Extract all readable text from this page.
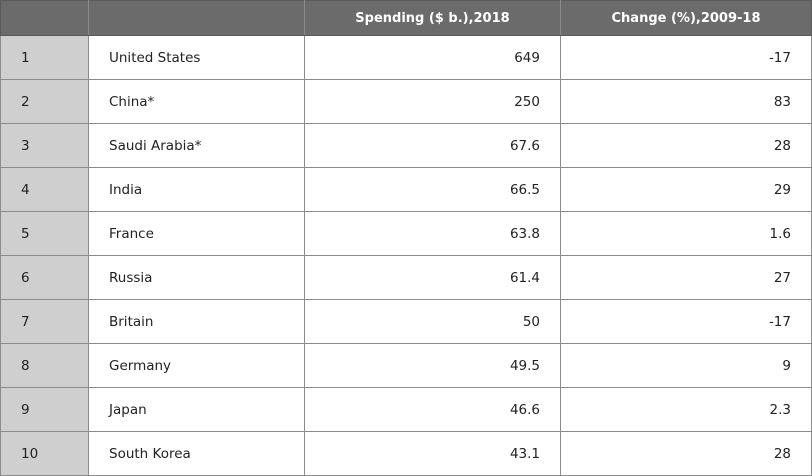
		Spending ($ b.),2018	Change (%),2009-18
1	United States	649	-17
2	China*	250	83
3	Saudi Arabia*	67.6	28
4	India	66.5	29
5	France	63.8	1.6
6	Russia	61.4	27
7	Britain	50	-17
8	Germany	49.5	9
9	Japan	46.6	2.3
10	South Korea	43.1	28
